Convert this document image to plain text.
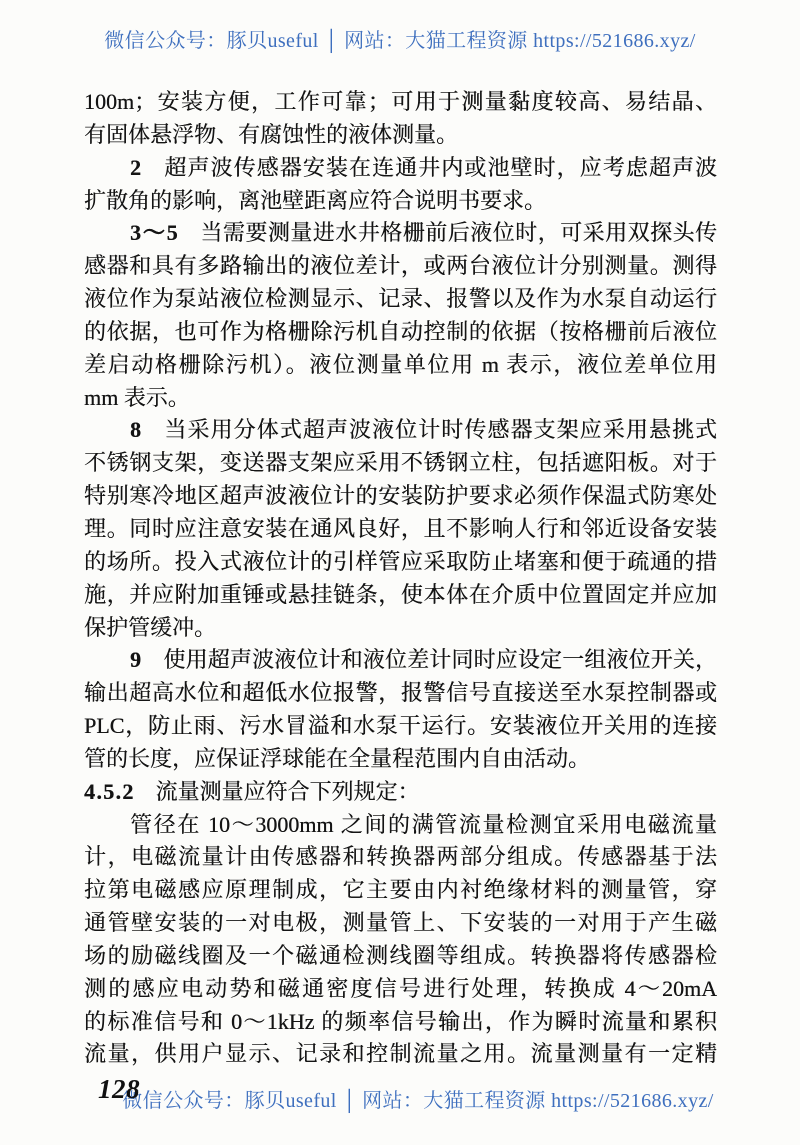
微信公众号：豚贝useful │ 网站：大猫工程资源 https://521686.xyz/
100m；安装方便，工作可靠；可用于测量黏度较高、易结晶、
有固体悬浮物、有腐蚀性的液体测量。
2 超声波传感器安装在连通井内或池壁时，应考虑超声波
扩散角的影响，离池壁距离应符合说明书要求。
3～5 当需要测量进水井格栅前后液位时，可采用双探头传
感器和具有多路输出的液位差计，或两台液位计分别测量。测得
液位作为泵站液位检测显示、记录、报警以及作为水泵自动运行
的依据，也可作为格栅除污机自动控制的依据（按格栅前后液位
差启动格栅除污机）。液位测量单位用 m 表示，液位差单位用
mm 表示。
8 当采用分体式超声波液位计时传感器支架应采用悬挑式
不锈钢支架，变送器支架应采用不锈钢立柱，包括遮阳板。对于
特别寒冷地区超声波液位计的安装防护要求必须作保温式防寒处
理。同时应注意安装在通风良好，且不影响人行和邻近设备安装
的场所。投入式液位计的引样管应采取防止堵塞和便于疏通的措
施，并应附加重锤或悬挂链条，使本体在介质中位置固定并应加
保护管缓冲。
9 使用超声波液位计和液位差计同时应设定一组液位开关，
输出超高水位和超低水位报警，报警信号直接送至水泵控制器或
PLC，防止雨、污水冒溢和水泵干运行。安装液位开关用的连接
管的长度，应保证浮球能在全量程范围内自由活动。
4.5.2 流量测量应符合下列规定：
管径在 10～3000mm 之间的满管流量检测宜采用电磁流量
计，电磁流量计由传感器和转换器两部分组成。传感器基于法
拉第电磁感应原理制成，它主要由内衬绝缘材料的测量管，穿
通管壁安装的一对电极，测量管上、下安装的一对用于产生磁
场的励磁线圈及一个磁通检测线圈等组成。转换器将传感器检
测的感应电动势和磁通密度信号进行处理，转换成 4～20mA
的标准信号和 0～1kHz 的频率信号输出，作为瞬时流量和累积
流量，供用户显示、记录和控制流量之用。流量测量有一定精
128
微信公众号：豚贝useful │ 网站：大猫工程资源 https://521686.xyz/
